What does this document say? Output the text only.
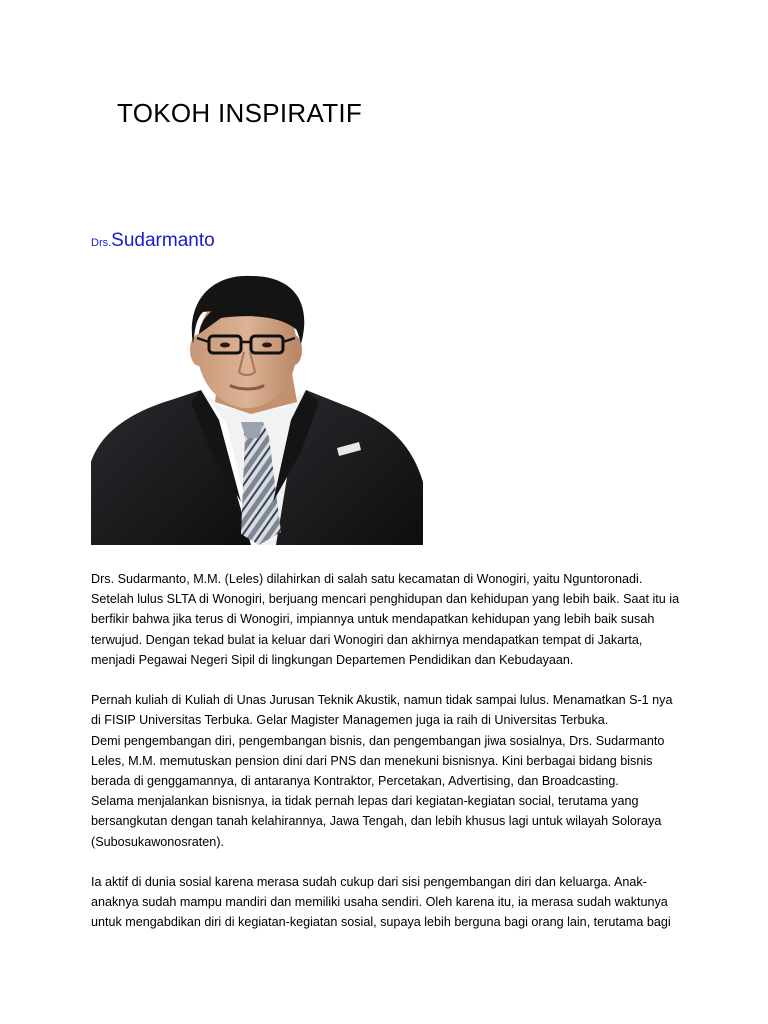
TOKOH INSPIRATIF
Drs.Sudarmanto
Drs. Sudarmanto, M.M. (Leles) dilahirkan di salah satu kecamatan di Wonogiri, yaitu Nguntoronadi.
Setelah lulus SLTA di Wonogiri, berjuang mencari penghidupan dan kehidupan yang lebih baik. Saat itu ia
berfikir bahwa jika terus di Wonogiri, impiannya untuk mendapatkan kehidupan yang lebih baik susah
terwujud. Dengan tekad bulat ia keluar dari Wonogiri dan akhirnya mendapatkan tempat di Jakarta,
menjadi Pegawai Negeri Sipil di lingkungan Departemen Pendidikan dan Kebudayaan.
Pernah kuliah di Kuliah di Unas Jurusan Teknik Akustik, namun tidak sampai lulus. Menamatkan S-1 nya
di FISIP Universitas Terbuka. Gelar Magister Managemen juga ia raih di Universitas Terbuka.
Demi pengembangan diri, pengembangan bisnis, dan pengembangan jiwa sosialnya, Drs. Sudarmanto
Leles, M.M. memutuskan pension dini dari PNS dan menekuni bisnisnya. Kini berbagai bidang bisnis
berada di genggamannya, di antaranya Kontraktor, Percetakan, Advertising, dan Broadcasting.
Selama menjalankan bisnisnya, ia tidak pernah lepas dari kegiatan-kegiatan social, terutama yang
bersangkutan dengan tanah kelahirannya, Jawa Tengah, dan lebih khusus lagi untuk wilayah Soloraya
(Subosukawonosraten).
Ia aktif di dunia sosial karena merasa sudah cukup dari sisi pengembangan diri dan keluarga. Anak-
anaknya sudah mampu mandiri dan memiliki usaha sendiri. Oleh karena itu, ia merasa sudah waktunya
untuk mengabdikan diri di kegiatan-kegiatan sosial, supaya lebih berguna bagi orang lain, terutama bagi
